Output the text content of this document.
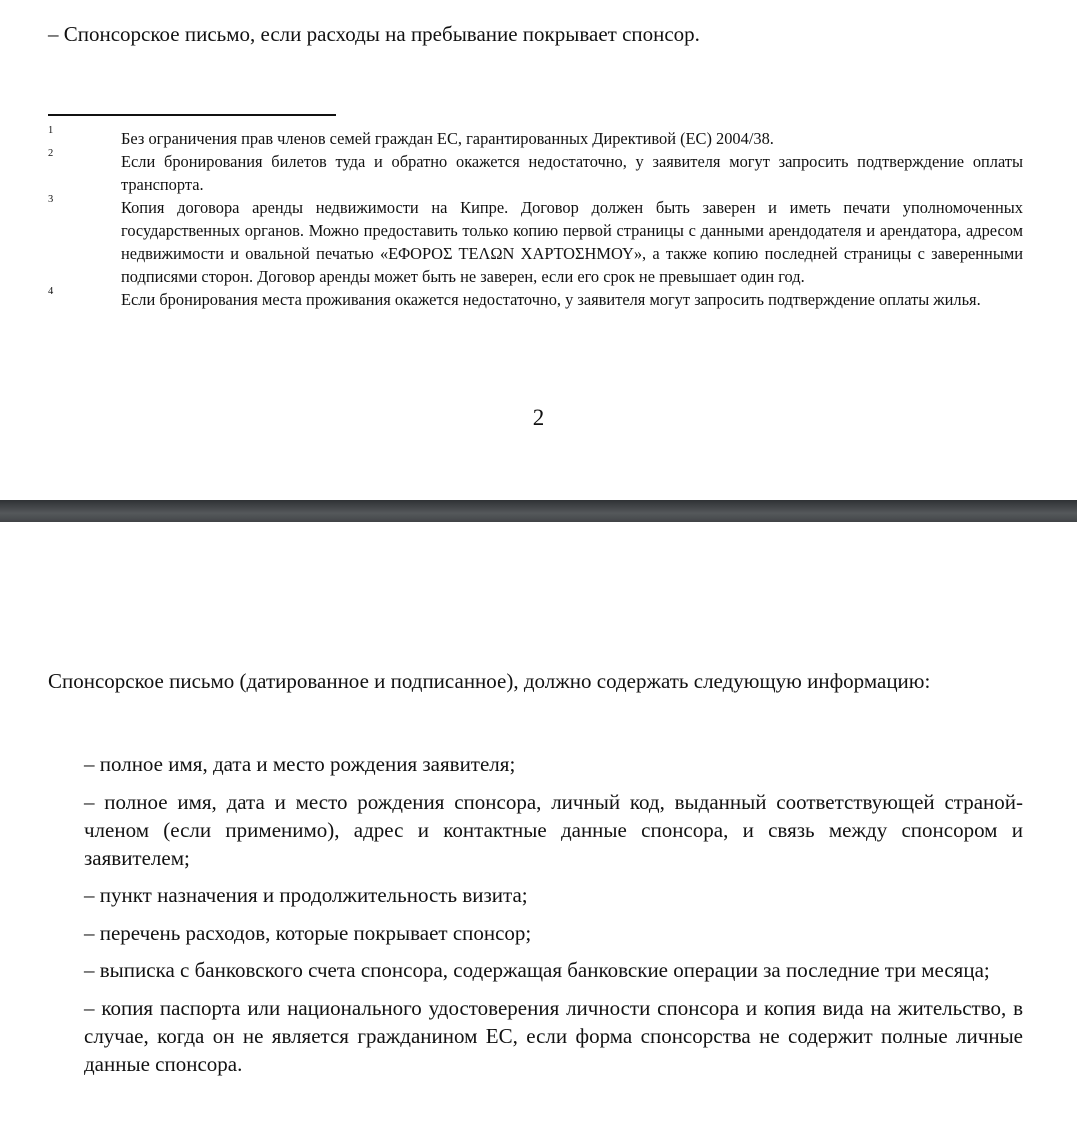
– Спонсорское письмо, если расходы на пребывание покрывает спонсор.
1	Без ограничения прав членов семей граждан ЕС, гарантированных Директивой (ЕС) 2004/38.
2	Если бронирования билетов туда и обратно окажется недостаточно, у заявителя могут запросить подтверждение оплаты транспорта.
3	Копия договора аренды недвижимости на Кипре. Договор должен быть заверен и иметь печати уполномоченных государственных органов. Можно предоставить только копию первой страницы с данными арендодателя и арендатора, адресом недвижимости и овальной печатью «ΕΦΟΡΟΣ ΤΕΛΩΝ ΧΑΡΤΟΣΗΜΟΥ», а также копию последней страницы с заверенными подписями сторон. Договор аренды может быть не заверен, если его срок не превышает один год.
4	Если бронирования места проживания окажется недостаточно, у заявителя могут запросить подтверждение оплаты жилья.
2

Спонсорское письмо (датированное и подписанное), должно содержать следующую информацию:

– полное имя, дата и место рождения заявителя;
– полное имя, дата и место рождения спонсора, личный код, выданный соответствующей страной-членом (если применимо), адрес и контактные данные спонсора, и связь между спонсором и заявителем;
– пункт назначения и продолжительность визита;
– перечень расходов, которые покрывает спонсор;
– выписка с банковского счета спонсора, содержащая банковские операции за последние три месяца;
– копия паспорта или национального удостоверения личности спонсора и копия вида на жительство, в случае, когда он не является гражданином ЕС, если форма спонсорства не содержит полные личные данные спонсора.
